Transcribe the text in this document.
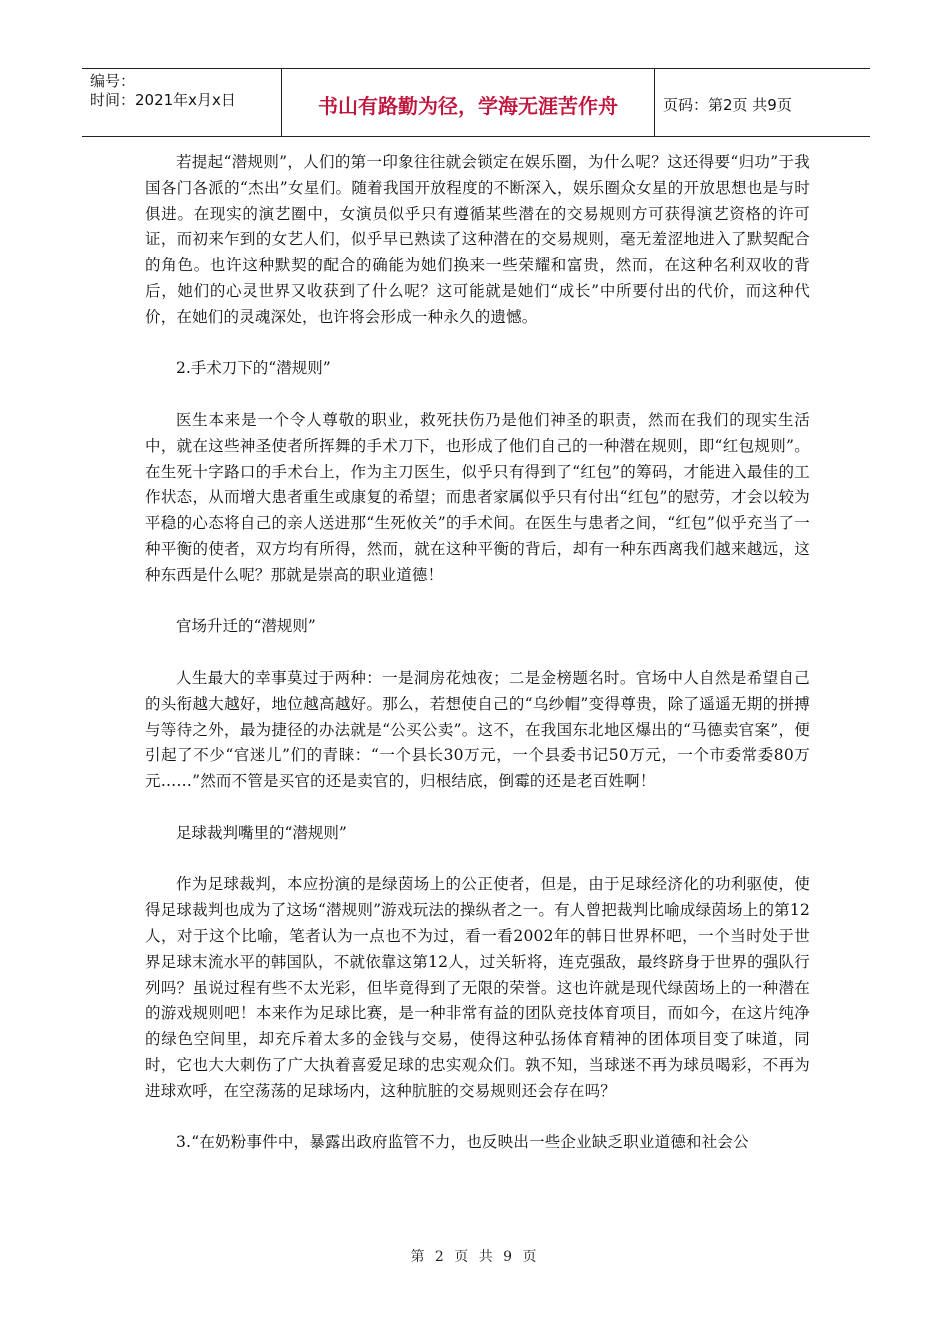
编号：
时间：2021年x月x日	书山有路勤为径，学海无涯苦作舟	页码：第2页 共9页

若提起“潜规则”，人们的第一印象往往就会锁定在娱乐圈，为什么呢？这还得要“归功”于我国各门各派的“杰出”女星们。随着我国开放程度的不断深入，娱乐圈众女星的开放思想也是与时俱进。在现实的演艺圈中，女演员似乎只有遵循某些潜在的交易规则方可获得演艺资格的许可证，而初来乍到的女艺人们，似乎早已熟读了这种潜在的交易规则，毫无羞涩地进入了默契配合的角色。也许这种默契的配合的确能为她们换来一些荣耀和富贵，然而，在这种名利双收的背后，她们的心灵世界又收获到了什么呢？这可能就是她们“成长”中所要付出的代价，而这种代价，在她们的灵魂深处，也许将会形成一种永久的遗憾。

2.手术刀下的“潜规则”

医生本来是一个令人尊敬的职业，救死扶伤乃是他们神圣的职责，然而在我们的现实生活中，就在这些神圣使者所挥舞的手术刀下，也形成了他们自己的一种潜在规则，即“红包规则”。在生死十字路口的手术台上，作为主刀医生，似乎只有得到了“红包”的筹码，才能进入最佳的工作状态，从而增大患者重生或康复的希望；而患者家属似乎只有付出“红包”的慰劳，才会以较为平稳的心态将自己的亲人送进那“生死攸关”的手术间。在医生与患者之间，“红包”似乎充当了一种平衡的使者，双方均有所得，然而，就在这种平衡的背后，却有一种东西离我们越来越远，这种东西是什么呢？那就是崇高的职业道德！

官场升迁的“潜规则”

人生最大的幸事莫过于两种：一是洞房花烛夜；二是金榜题名时。官场中人自然是希望自己的头衔越大越好，地位越高越好。那么，若想使自己的“乌纱帽”变得尊贵，除了遥遥无期的拼搏与等待之外，最为捷径的办法就是“公买公卖”。这不，在我国东北地区爆出的“马德卖官案”，便引起了不少“官迷儿”们的青睐：“一个县长30万元，一个县委书记50万元，一个市委常委80万元……”然而不管是买官的还是卖官的，归根结底，倒霉的还是老百姓啊！

足球裁判嘴里的“潜规则”

作为足球裁判，本应扮演的是绿茵场上的公正使者，但是，由于足球经济化的功利驱使，使得足球裁判也成为了这场“潜规则”游戏玩法的操纵者之一。有人曾把裁判比喻成绿茵场上的第12人，对于这个比喻，笔者认为一点也不为过，看一看2002年的韩日世界杯吧，一个当时处于世界足球末流水平的韩国队，不就依靠这第12人，过关斩将，连克强敌，最终跻身于世界的强队行列吗？虽说过程有些不太光彩，但毕竟得到了无限的荣誉。这也许就是现代绿茵场上的一种潜在的游戏规则吧！本来作为足球比赛，是一种非常有益的团队竞技体育项目，而如今，在这片纯净的绿色空间里，却充斥着太多的金钱与交易，使得这种弘扬体育精神的团体项目变了味道，同时，它也大大刺伤了广大执着喜爱足球的忠实观众们。孰不知，当球迷不再为球员喝彩，不再为进球欢呼，在空荡荡的足球场内，这种肮脏的交易规则还会存在吗？

3.“在奶粉事件中，暴露出政府监管不力，也反映出一些企业缺乏职业道德和社会公

第 2 页 共 9 页
